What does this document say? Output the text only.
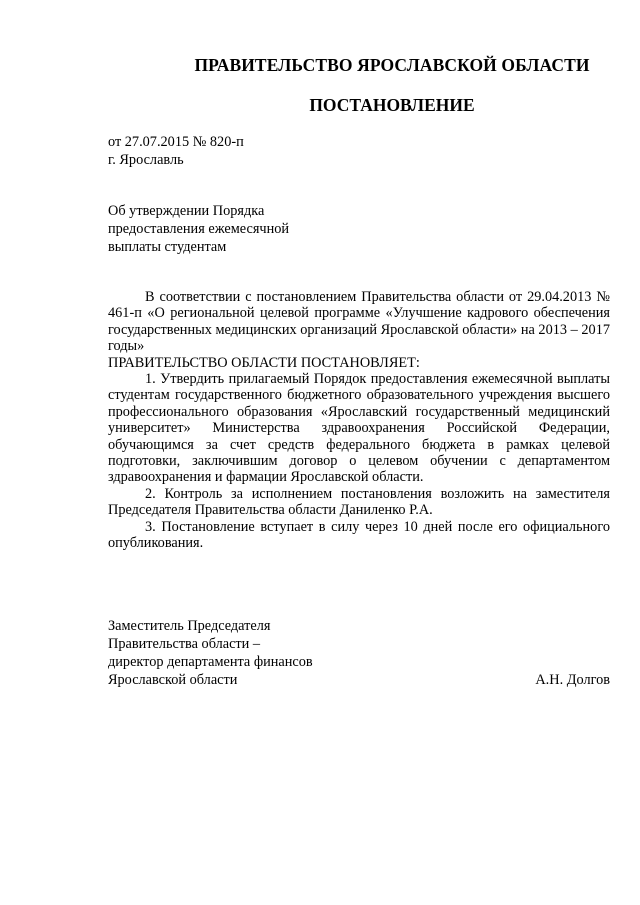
ПРАВИТЕЛЬСТВО ЯРОСЛАВСКОЙ ОБЛАСТИ
ПОСТАНОВЛЕНИЕ
от 27.07.2015 № 820-п
г. Ярославль
Об утверждении Порядка
предоставления ежемесячной
выплаты студентам

В соответствии с постановлением Правительства области от 29.04.2013 № 461-п «О региональной целевой программе «Улучшение кадрового обеспечения государственных медицинских организаций Ярославской области» на 2013 – 2017 годы»

ПРАВИТЕЛЬСТВО ОБЛАСТИ ПОСТАНОВЛЯЕТ:

1. Утвердить прилагаемый Порядок предоставления ежемесячной выплаты студентам государственного бюджетного образовательного учреждения высшего профессионального образования «Ярославский государственный медицинский университет» Министерства здравоохранения Российской Федерации, обучающимся за счет средств федерального бюджета в рамках целевой подготовки, заключившим договор о целевом обучении с департаментом здравоохранения и фармации Ярославской области.

2. Контроль за исполнением постановления возложить на заместителя Председателя Правительства области Даниленко Р.А.

3. Постановление вступает в силу через 10 дней после его официального опубликования.

Заместитель Председателя
Правительства области –
директор департамента финансов
Ярославской области	А.Н. Долгов
